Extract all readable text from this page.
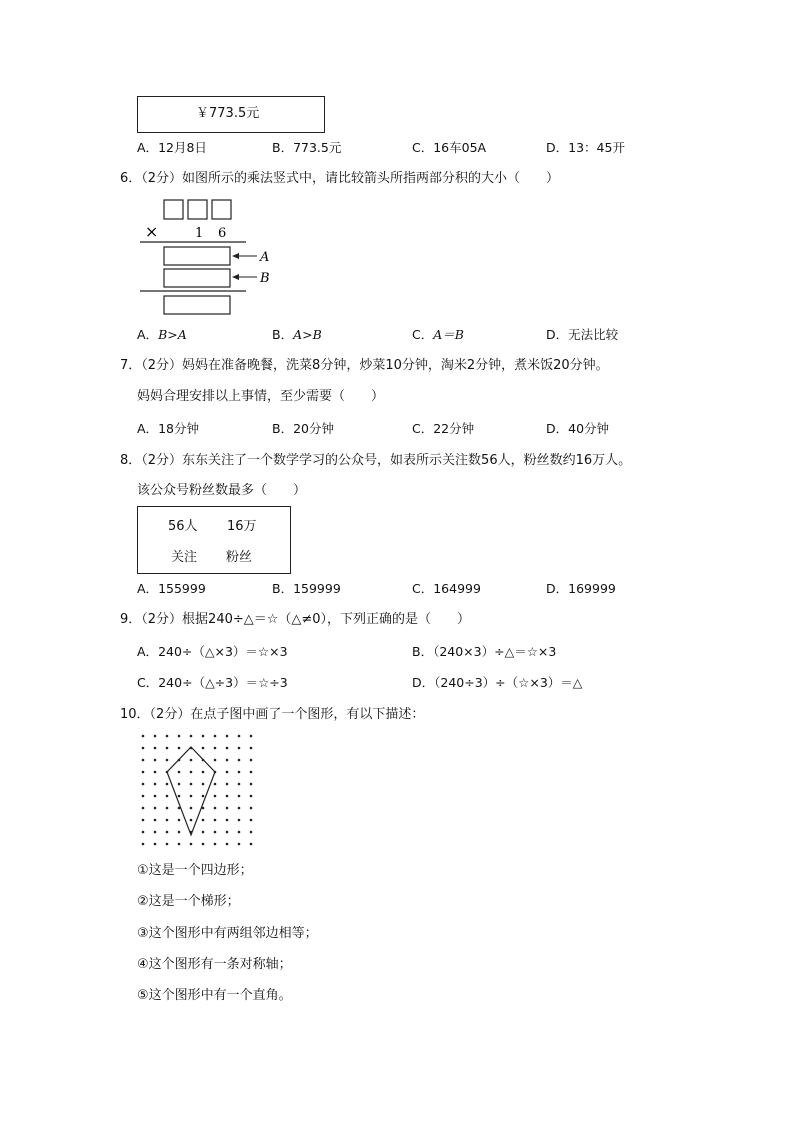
￥773.5元
A．12月8日	B．773.5元	C．16车05A	D．13：45开
6．（2分）如图所示的乘法竖式中，请比较箭头所指两部分积的大小（　　）
×	1 6
A
B
A．B>A	B．A>B	C．A＝B	D．无法比较
7．（2分）妈妈在准备晚餐，洗菜8分钟，炒菜10分钟，淘米2分钟，煮米饭20分钟。
妈妈合理安排以上事情，至少需要（　　）
A．18分钟	B．20分钟	C．22分钟	D．40分钟
8．（2分）东东关注了一个数学学习的公众号，如表所示关注数56人，粉丝数约16万人。
该公众号粉丝数最多（　　）
56人 16万
关注 粉丝
A．155999	B．159999	C．164999	D．169999
9．（2分）根据240÷△＝☆（△≠0），下列正确的是（　　）
A．240÷（△×3）＝☆×3	B．（240×3）÷△＝☆×3
C．240÷（△÷3）＝☆÷3	D．（240÷3）÷（☆×3）＝△
10．（2分）在点子图中画了一个图形，有以下描述：
①这是一个四边形；
②这是一个梯形；
③这个图形中有两组邻边相等；
④这个图形有一条对称轴；
⑤这个图形中有一个直角。
